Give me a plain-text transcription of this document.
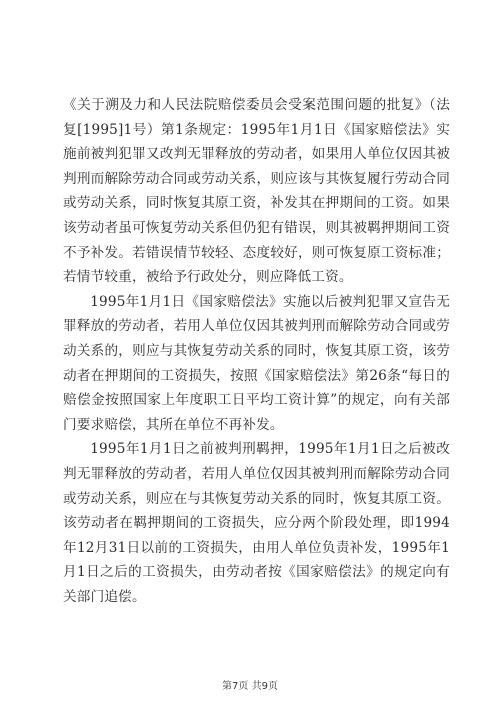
《关于溯及力和人民法院赔偿委员会受案范围问题的批复》（法复[1995]1号）第1条规定：1995年1月1日《国家赔偿法》实施前被判犯罪又改判无罪释放的劳动者，如果用人单位仅因其被判刑而解除劳动合同或劳动关系，则应该与其恢复履行劳动合同或劳动关系，同时恢复其原工资，补发其在押期间的工资。如果该劳动者虽可恢复劳动关系但仍犯有错误，则其被羁押期间工资不予补发。若错误情节较轻、态度较好，则可恢复原工资标准；若情节较重，被给予行政处分，则应降低工资。

1995年1月1日《国家赔偿法》实施以后被判犯罪又宣告无罪释放的劳动者，若用人单位仅因其被判刑而解除劳动合同或劳动关系的，则应与其恢复劳动关系的同时，恢复其原工资，该劳动者在押期间的工资损失，按照《国家赔偿法》第26条“每日的赔偿金按照国家上年度职工日平均工资计算”的规定，向有关部门要求赔偿，其所在单位不再补发。

1995年1月1日之前被判刑羁押，1995年1月1日之后被改判无罪释放的劳动者，若用人单位仅因其被判刑而解除劳动合同或劳动关系，则应在与其恢复劳动关系的同时，恢复其原工资。该劳动者在羁押期间的工资损失，应分两个阶段处理，即1994年12月31日以前的工资损失，由用人单位负责补发，1995年1月1日之后的工资损失，由劳动者按《国家赔偿法》的规定向有关部门追偿。

第7页 共9页
